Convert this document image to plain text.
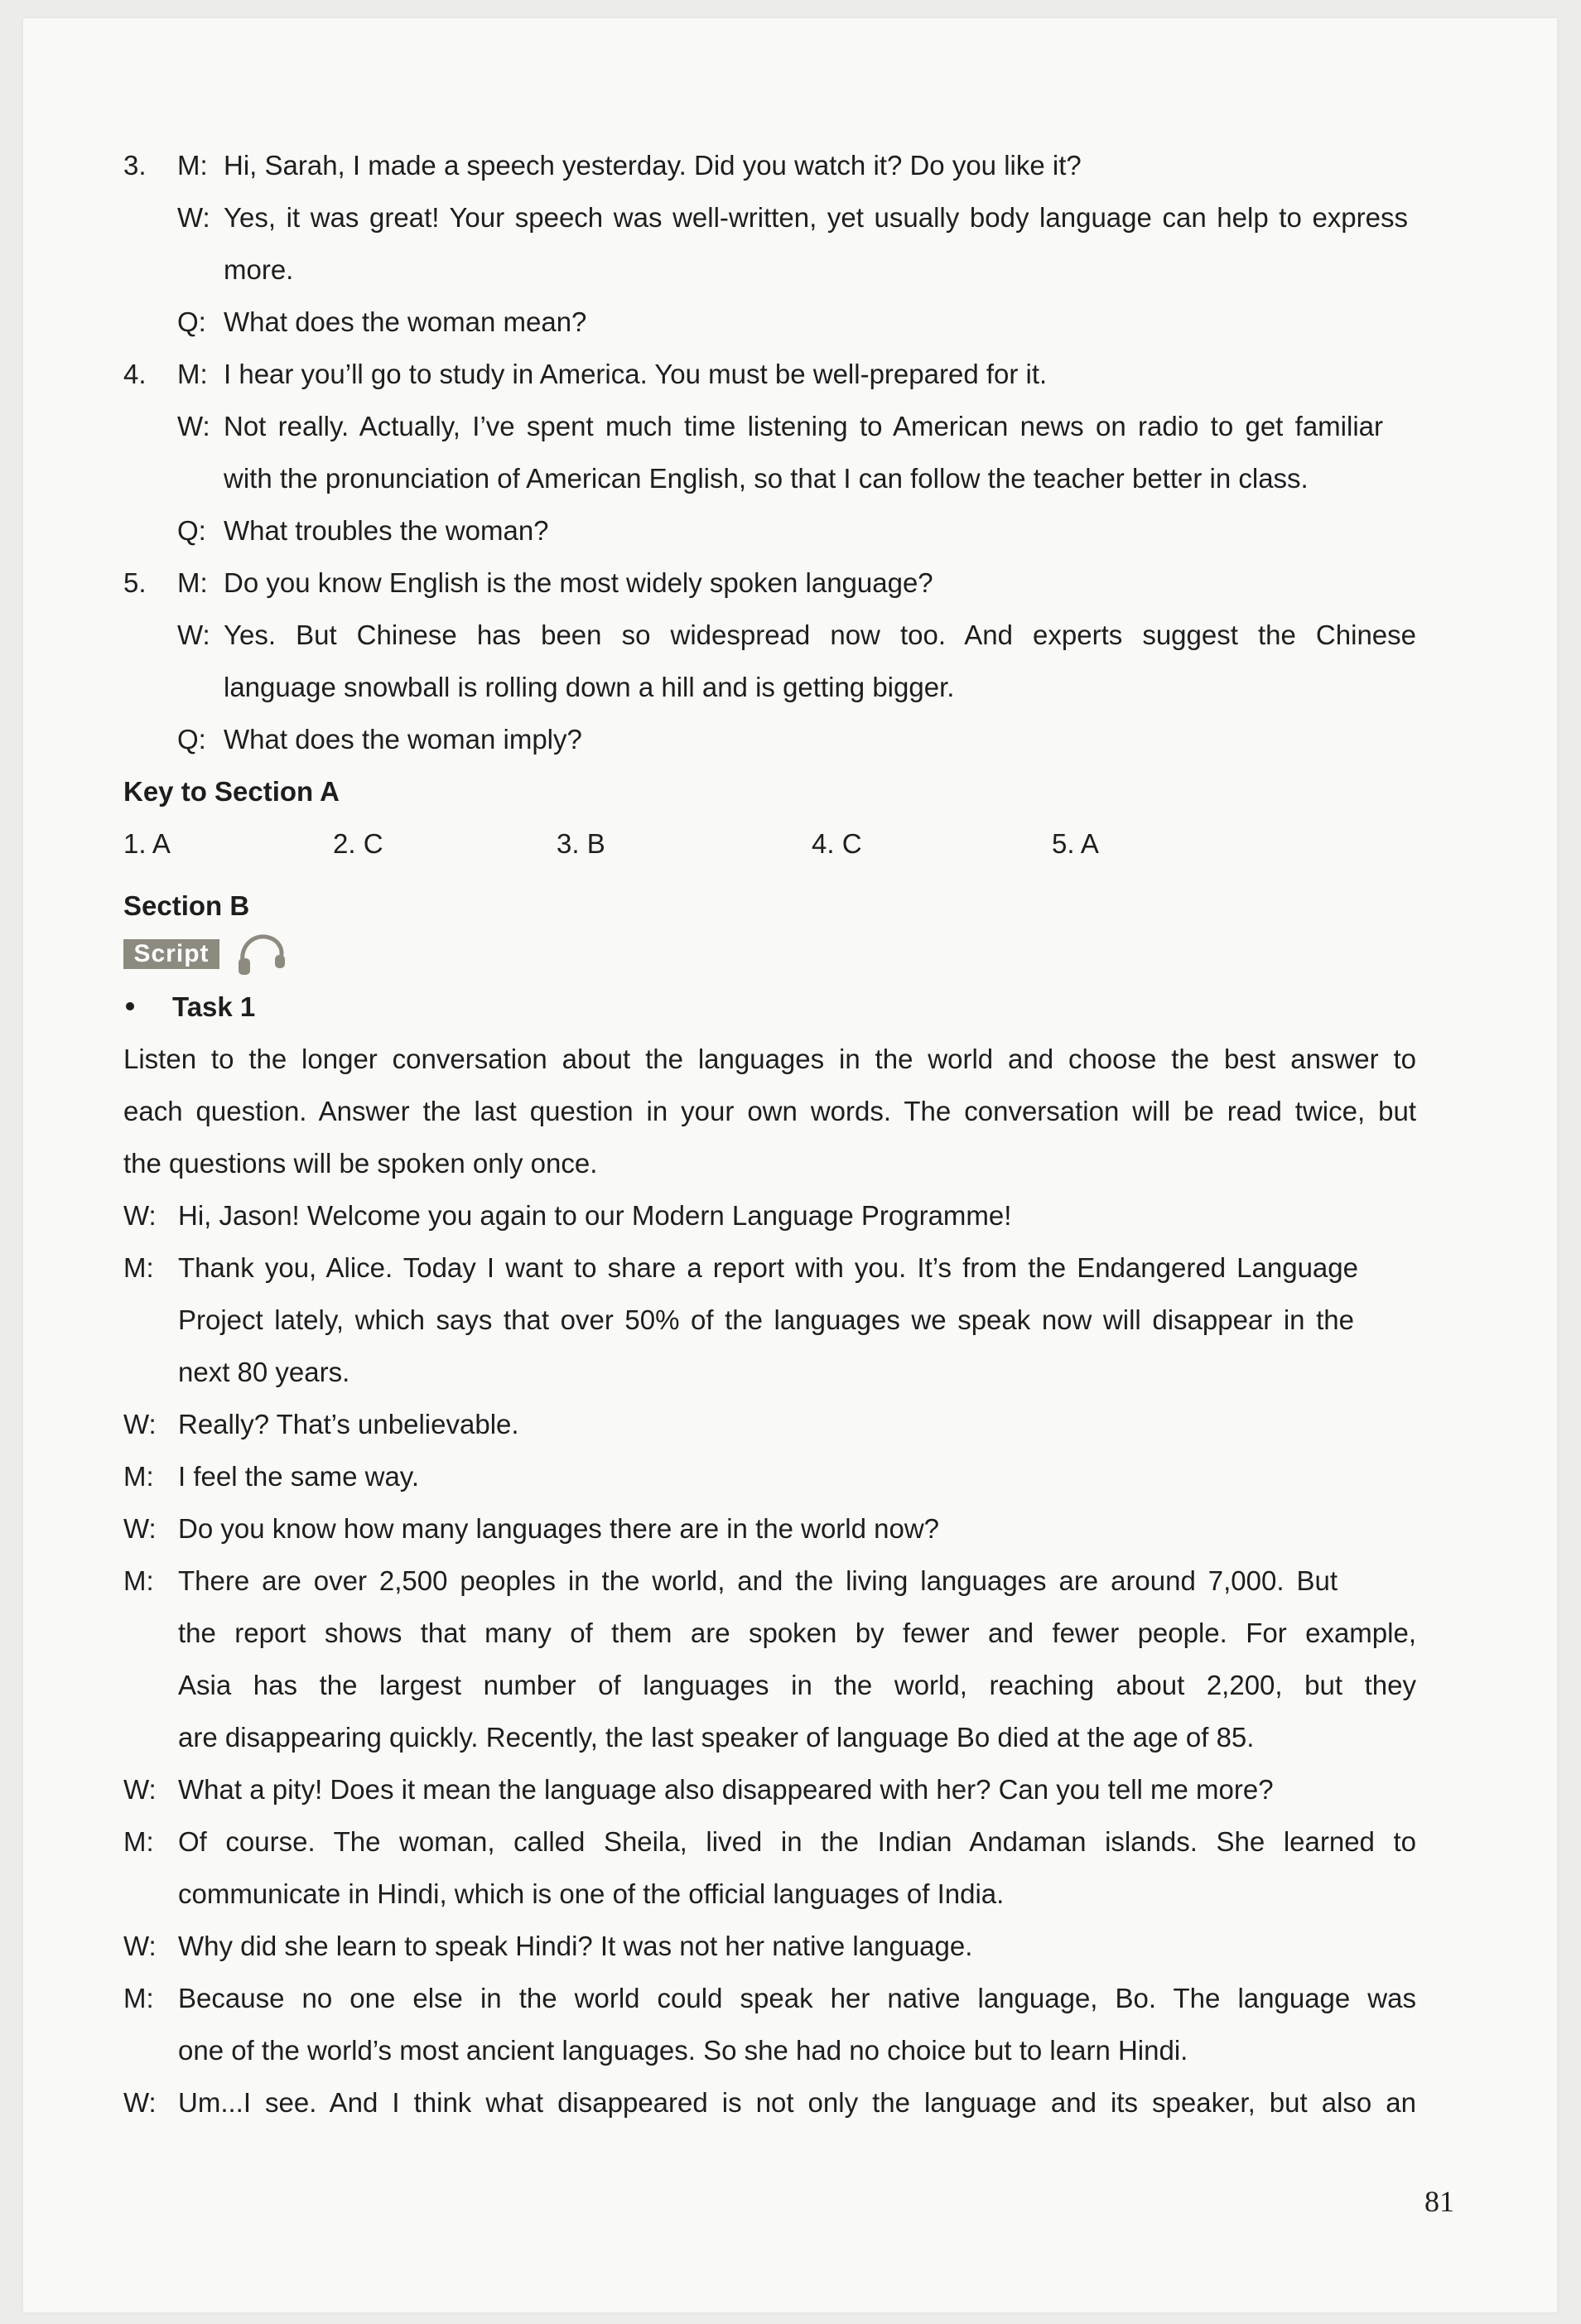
3. M: Hi, Sarah, I made a speech yesterday. Did you watch it? Do you like it?
W: Yes, it was great! Your speech was well-written, yet usually body language can help to express
more.
Q: What does the woman mean?
4. M: I hear you’ll go to study in America. You must be well-prepared for it.
W: Not really. Actually, I’ve spent much time listening to American news on radio to get familiar
with the pronunciation of American English, so that I can follow the teacher better in class.
Q: What troubles the woman?
5. M: Do you know English is the most widely spoken language?
W: Yes. But Chinese has been so widespread now too. And experts suggest the Chinese
language snowball is rolling down a hill and is getting bigger.
Q: What does the woman imply?
Key to Section A
1. A	2. C	3. B	4. C	5. A
Section B
Script
Task 1
Listen to the longer conversation about the languages in the world and choose the best answer to
each question. Answer the last question in your own words. The conversation will be read twice, but
the questions will be spoken only once.
W: Hi, Jason! Welcome you again to our Modern Language Programme!
M: Thank you, Alice. Today I want to share a report with you. It’s from the Endangered Language
Project lately, which says that over 50% of the languages we speak now will disappear in the
next 80 years.
W: Really? That’s unbelievable.
M: I feel the same way.
W: Do you know how many languages there are in the world now?
M: There are over 2,500 peoples in the world, and the living languages are around 7,000. But
the report shows that many of them are spoken by fewer and fewer people. For example,
Asia has the largest number of languages in the world, reaching about 2,200, but they
are disappearing quickly. Recently, the last speaker of language Bo died at the age of 85.
W: What a pity! Does it mean the language also disappeared with her? Can you tell me more?
M: Of course. The woman, called Sheila, lived in the Indian Andaman islands. She learned to
communicate in Hindi, which is one of the official languages of India.
W: Why did she learn to speak Hindi? It was not her native language.
M: Because no one else in the world could speak her native language, Bo. The language was
one of the world’s most ancient languages. So she had no choice but to learn Hindi.
W: Um...I see. And I think what disappeared is not only the language and its speaker, but also an
81
